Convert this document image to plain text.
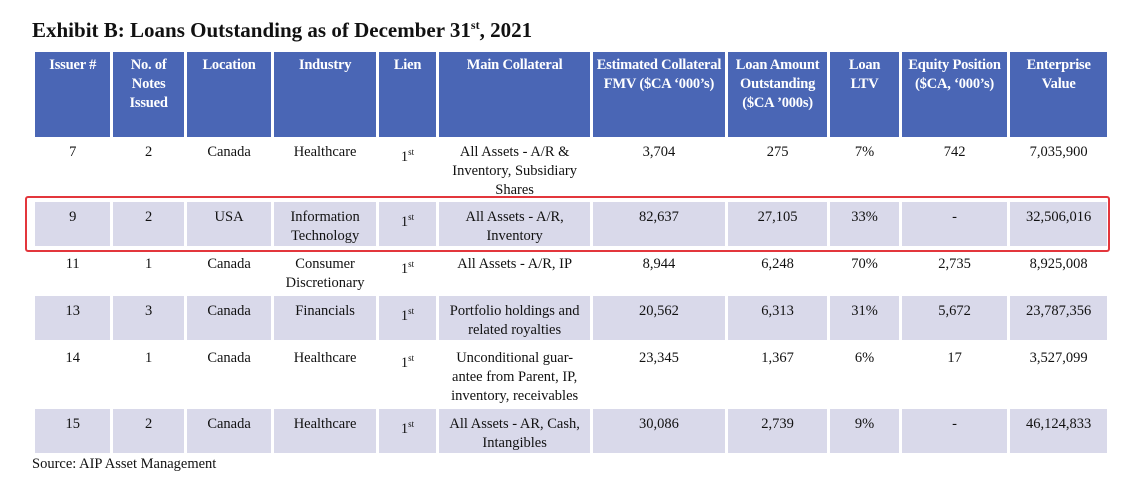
Exhibit B: Loans Outstanding as of December 31st, 2021
Issuer #	No. of Notes Issued	Location	Industry	Lien	Main Collateral	Estimated Collateral FMV ($CA ‘000’s)	Loan Amount Outstanding ($CA ’000s)	Loan LTV	Equity Position ($CA, ‘000’s)	Enterprise Value
7	2	Canada	Healthcare	1st	All Assets - A/R & Inventory, Subsidiary Shares	3,704	275	7%	742	7,035,900
9	2	USA	Information Technology	1st	All Assets - A/R, Inventory	82,637	27,105	33%	-	32,506,016
11	1	Canada	Consumer Discretionary	1st	All Assets - A/R, IP	8,944	6,248	70%	2,735	8,925,008
13	3	Canada	Financials	1st	Portfolio holdings and related royalties	20,562	6,313	31%	5,672	23,787,356
14	1	Canada	Healthcare	1st	Unconditional guar- antee from Parent, IP, inventory, receivables	23,345	1,367	6%	17	3,527,099
15	2	Canada	Healthcare	1st	All Assets - AR, Cash, Intangibles	30,086	2,739	9%	-	46,124,833
Source: AIP Asset Management
